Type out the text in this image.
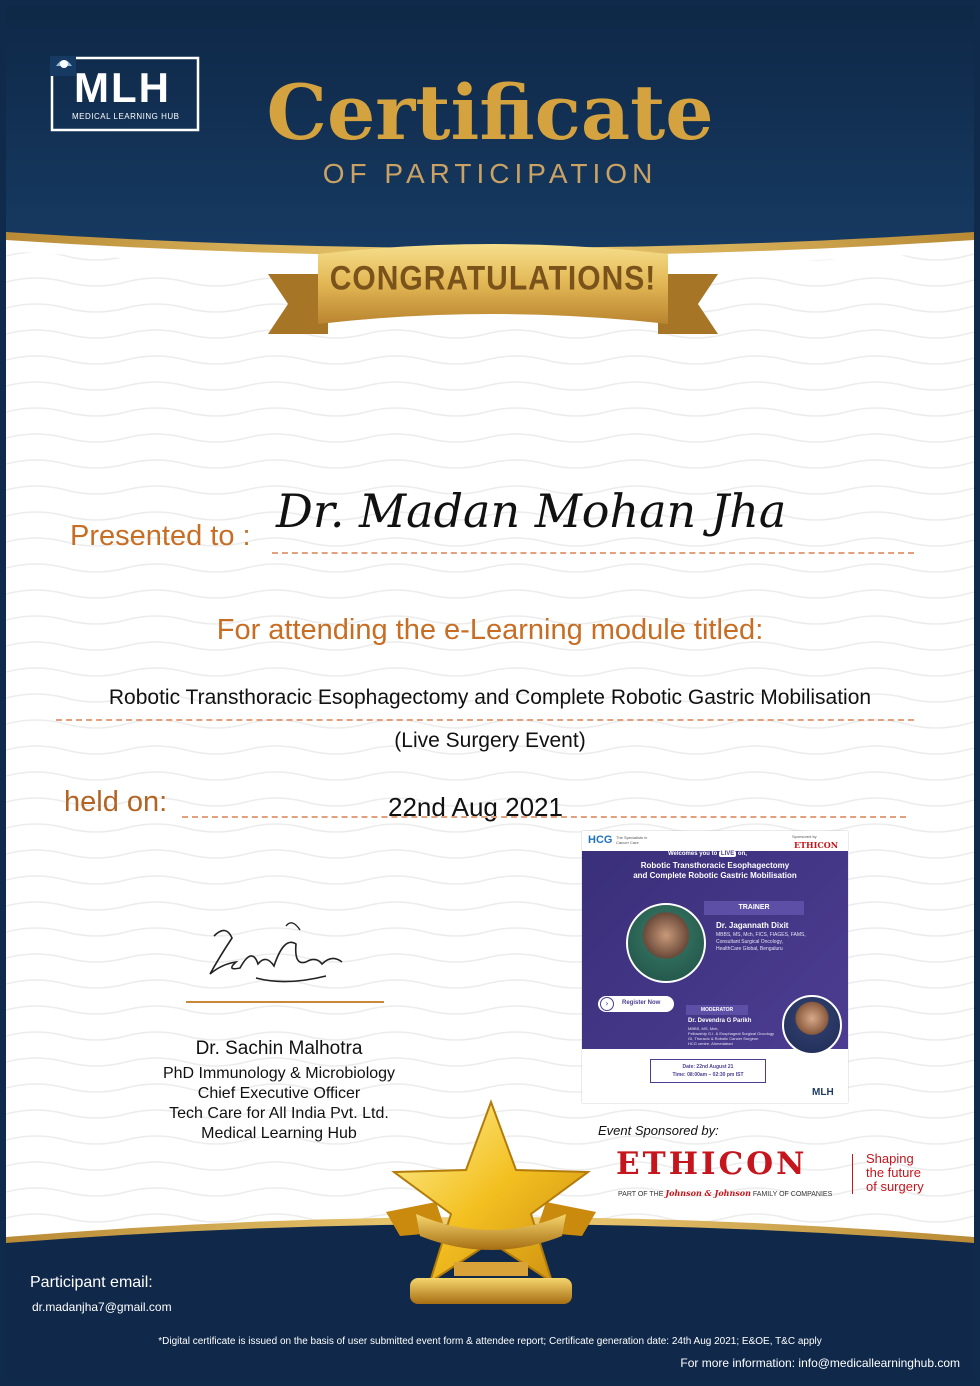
MLH
MEDICAL LEARNING HUB	Certificate
OF PARTICIPATION
CONGRATULATIONS!
Presented to : Dr. Madan Mohan Jha
For attending the e-Learning module titled:
Robotic Transthoracic Esophagectomy and Complete Robotic Gastric Mobilisation
(Live Surgery Event)
held on:	22nd Aug 2021
Dr. Sachin Malhotra
PhD Immunology & Microbiology
Chief Executive Officer
Tech Care for All India Pvt. Ltd.
Medical Learning Hub
HCG The Specialists in Cancer Care
Sponsored by
ETHICON
Welcomes you to LIVE on,
Robotic Transthoracic Esophagectomy
and Complete Robotic Gastric Mobilisation
TRAINER
Dr. Jagannath Dixit
MBBS, MS, Mch, FICS, FIAGES, FAMS,
Consultant Surgical Oncology,
HealthCare Global, Bengaluru
›	Register Now
MODERATOR
Dr. Devendra G Parikh
MBBS, MS, Mch,
Fellowship G.I. & Esophageal Surgical Oncology
GI, Thoracic & Robotic Cancer Surgeon
HCG centre, Ahmedabad
Date: 22nd August 21
Time: 08:00am – 02:30 pm IST
MLH
Event Sponsored by:
ETHICON
PART OF THE Johnson & Johnson FAMILY OF COMPANIES
Shaping
the future
of surgery
Participant email:
dr.madanjha7@gmail.com
*Digital certificate is issued on the basis of user submitted event form & attendee report; Certificate generation date: 24th Aug 2021; E&OE, T&C apply
For more information: info@medicallearninghub.com
